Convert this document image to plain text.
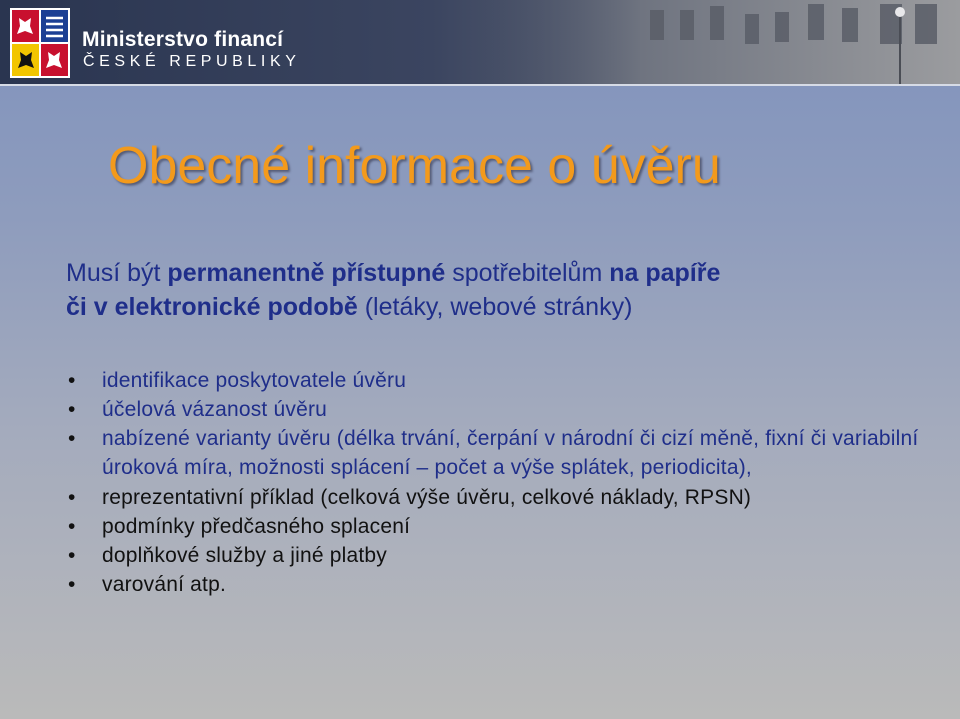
Ministerstvo financí
ČESKÉ REPUBLIKY
Obecné informace o úvěru
Musí být permanentně přístupné spotřebitelům na papíře
či v elektronické podobě (letáky, webové stránky)
• identifikace poskytovatele úvěru
• účelová vázanost úvěru
• nabízené varianty úvěru (délka trvání, čerpání v národní či cizí měně, fixní či variabilní úroková míra, možnosti splácení – počet a výše splátek, periodicita),
• reprezentativní příklad (celková výše úvěru, celkové náklady, RPSN)
• podmínky předčasného splacení
• doplňkové služby a jiné platby
• varování atp.
